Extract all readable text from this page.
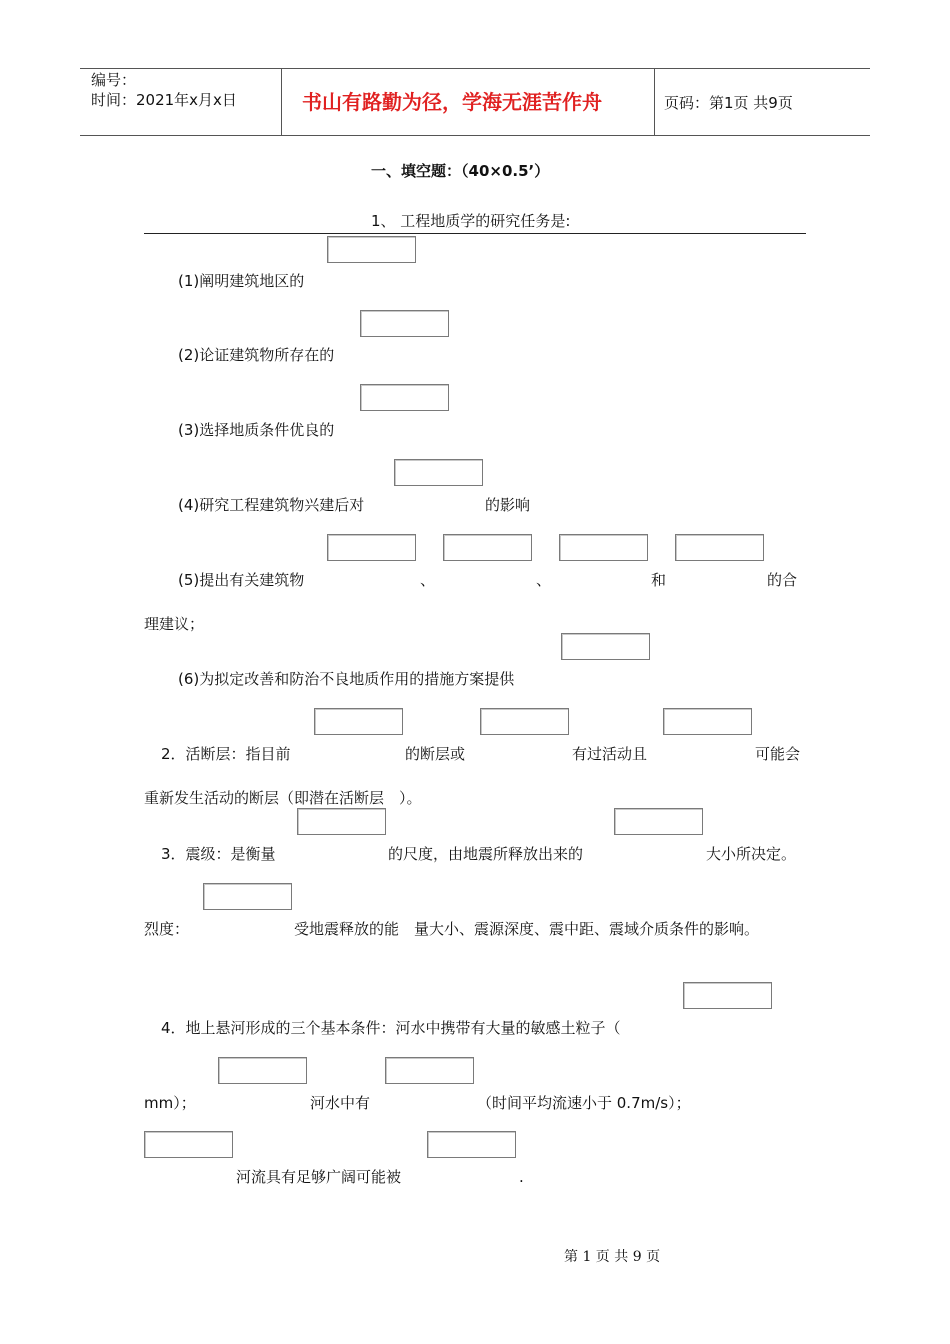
编号：
时间：2021年x月x日	书山有路勤为径，学海无涯苦作舟	页码：第1页 共9页
一、填空题：（40×0.5’）
1、 工程地质学的研究任务是:
(1)阐明建筑地区的
(2)论证建筑物所存在的
(3)选择地质条件优良的
(4)研究工程建筑物兴建后对	的影响
(5)提出有关建筑物	、	、	和	的合
理建议；
(6)为拟定改善和防治不良地质作用的措施方案提供
2．活断层：指目前	的断层或	有过活动且	可能会
重新发生活动的断层（即潜在活断层　）。
3．震级：是衡量	的尺度，由地震所释放出来的	大小所决定。
烈度：	受地震释放的能　量大小、震源深度、震中距、震域介质条件的影响。
4．地上悬河形成的三个基本条件：河水中携带有大量的敏感土粒子（
mm）；	河水中有	（时间平均流速小于 0.7m/s）；
河流具有足够广阔可能被	.
第 1 页 共 9 页
